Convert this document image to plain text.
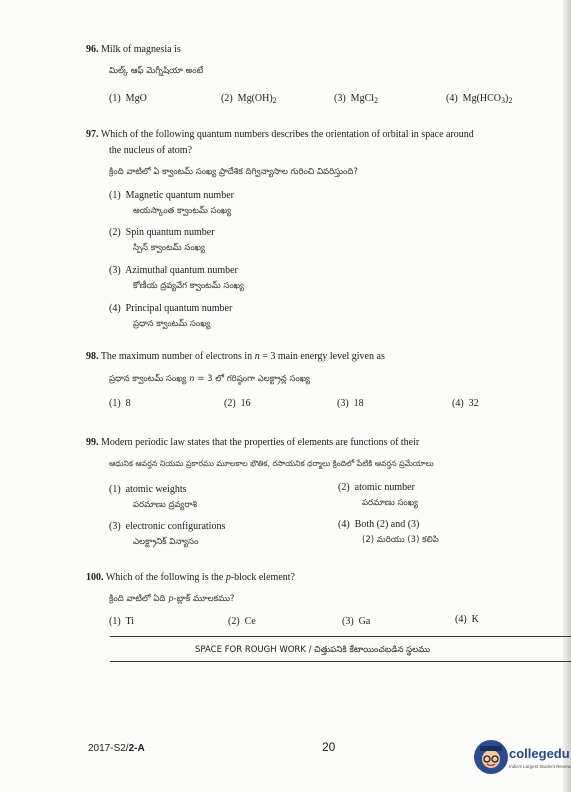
96. Milk of magnesia is
మిల్క్ ఆఫ్ మెగ్నీషియా అంటే
(1) MgO	(2) $Mg(OH)_2$	(3) MgCl$_2$	(4) $Mg(HCO_3)_2$
97. Which of the following quantum numbers describes the orientation of orbital in space around
the nucleus of atom?
క్రింది వాటిలో ఏ క్వాంటమ్ సంఖ్య ప్రాదేశిక దిగ్విన్యాసాల గురించి వివరిస్తుంది?
(1) Magnetic quantum number
అయస్కాంత క్వాంటమ్ సంఖ్య
(2) Spin quantum number
స్పిన్ క్వాంటమ్ సంఖ్య
(3) Azimuthal quantum number
కోణీయ ద్రవ్యవేగ క్వాంటమ్ సంఖ్య
(4) Principal quantum number
ప్రధాన క్వాంటమ్ సంఖ్య
98. The maximum number of electrons in n = 3 main energy level given as
ప్రధాన క్వాంటమ్ సంఖ్య n = 3 లో గరిష్ఠంగా ఎలక్ట్రాన్ల సంఖ్య
(1) 8	(2) 16	(3) 18	(4) 32
99. Modern periodic law states that the properties of elements are functions of their
ఆధునిక ఆవర్తన నియమ ప్రకారము మూలకాల భౌతిక, రసాయనిక ధర్మాలు క్రిందిలో పేటికి ఆవర్తన ప్రమేయాలు
(1) atomic weights
పరమాణు ద్రవ్యరాశి
(2) atomic number
పరమాణు సంఖ్య
(3) electronic configurations
ఎలక్ట్రానిక్ విన్యాసం
(4) Both (2) and (3)
(2) మరియు (3) కలిపి
100. Which of the following is the p-block element?
క్రింది వాటిలో ఏది p-బ్లాక్ మూలకము?
(1) Ti	(2) Ce	(3) Ga	(4) K
SPACE FOR ROUGH WORK / చిత్తుపనికి కేటాయించబడిన స్థలము
2017-S2/2-A	20	collegedu
India's Largest Student Review
